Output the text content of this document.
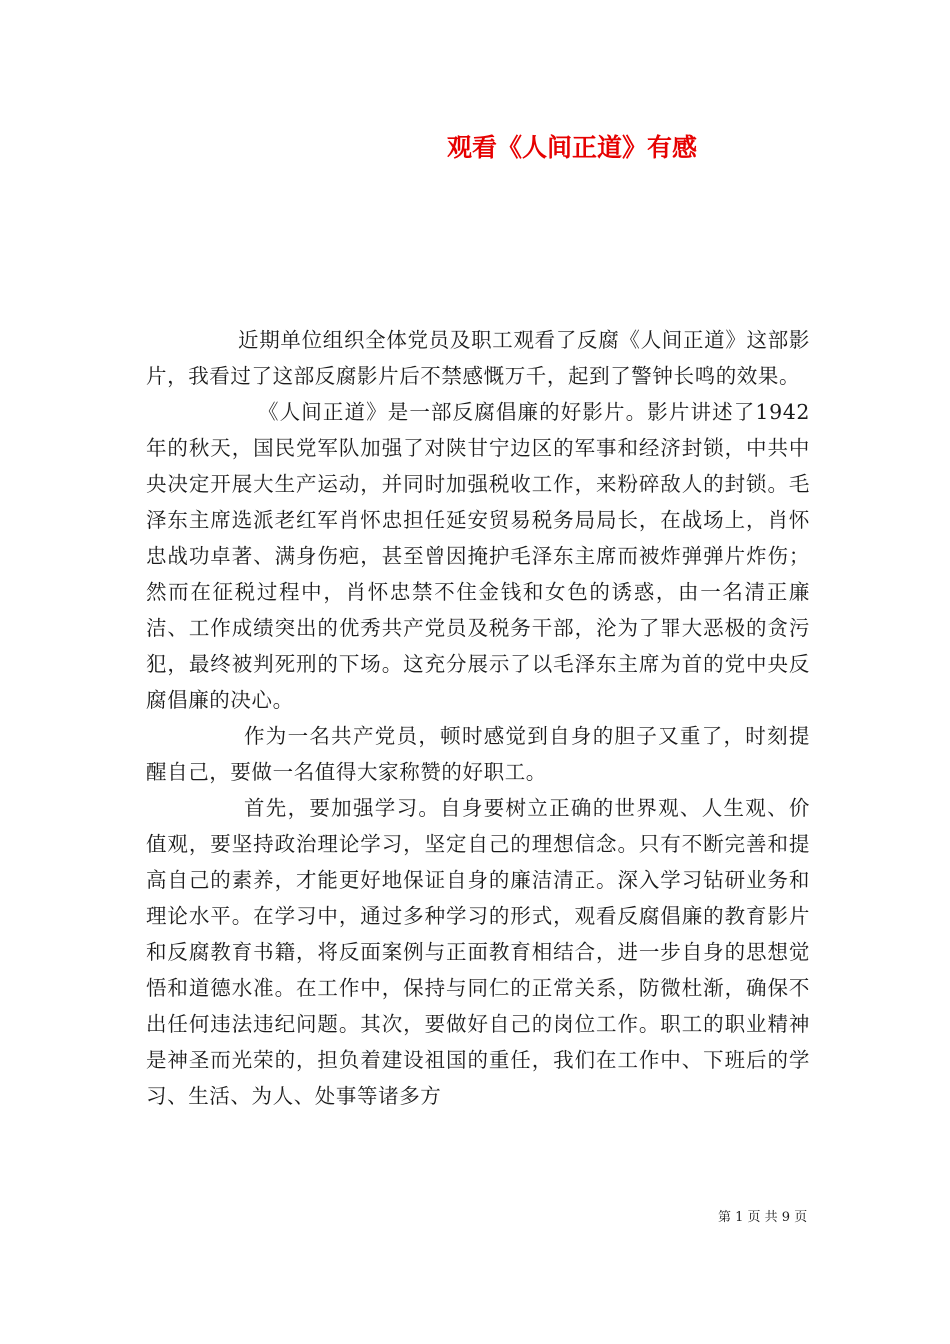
观看《人间正道》有感

近期单位组织全体党员及职工观看了反腐《人间正道》这部影片，我看过了这部反腐影片后不禁感慨万千，起到了警钟长鸣的效果。

《人间正道》是一部反腐倡廉的好影片。影片讲述了1942年的秋天，国民党军队加强了对陕甘宁边区的军事和经济封锁，中共中央决定开展大生产运动，并同时加强税收工作，来粉碎敌人的封锁。毛泽东主席选派老红军肖怀忠担任延安贸易税务局局长，在战场上，肖怀忠战功卓著、满身伤疤，甚至曾因掩护毛泽东主席而被炸弹弹片炸伤；然而在征税过程中，肖怀忠禁不住金钱和女色的诱惑，由一名清正廉洁、工作成绩突出的优秀共产党员及税务干部，沦为了罪大恶极的贪污犯，最终被判死刑的下场。这充分展示了以毛泽东主席为首的党中央反腐倡廉的决心。

作为一名共产党员，顿时感觉到自身的胆子又重了，时刻提醒自己，要做一名值得大家称赞的好职工。

首先，要加强学习。自身要树立正确的世界观、人生观、价值观，要坚持政治理论学习，坚定自己的理想信念。只有不断完善和提高自己的素养，才能更好地保证自身的廉洁清正。深入学习钻研业务和理论水平。在学习中，通过多种学习的形式，观看反腐倡廉的教育影片和反腐教育书籍，将反面案例与正面教育相结合，进一步自身的思想觉悟和道德水准。在工作中，保持与同仁的正常关系，防微杜渐，确保不出任何违法违纪问题。其次，要做好自己的岗位工作。职工的职业精神是神圣而光荣的，担负着建设祖国的重任，我们在工作中、下班后的学习、生活、为人、处事等诸多方

第 1 页 共 9 页
